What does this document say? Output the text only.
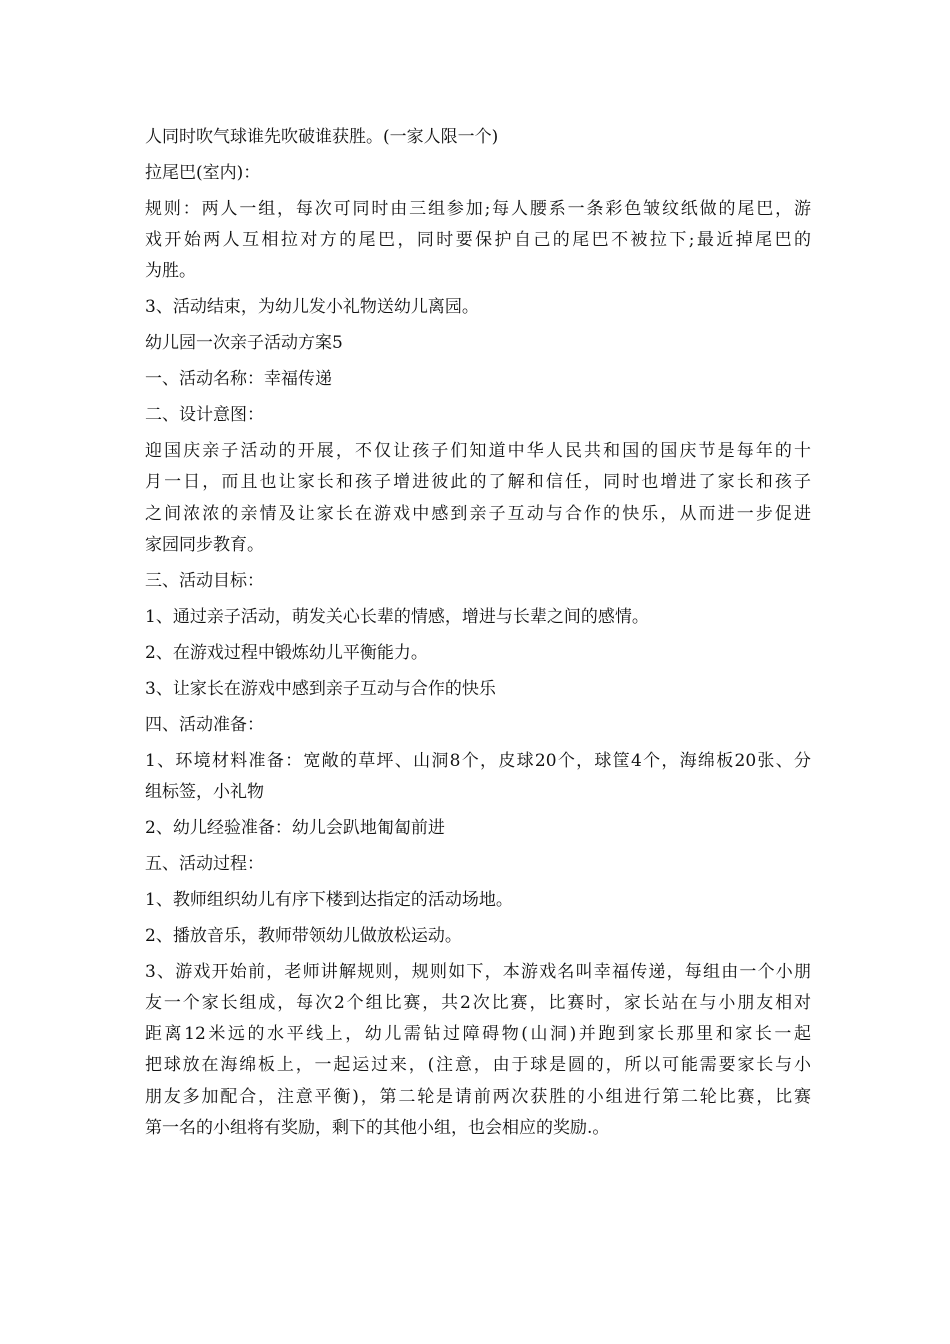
人同时吹气球谁先吹破谁获胜。(一家人限一个)
拉尾巴(室内)：
规则：两人一组，每次可同时由三组参加;每人腰系一条彩色皱纹纸做的尾巴，游
戏开始两人互相拉对方的尾巴，同时要保护自己的尾巴不被拉下;最近掉尾巴的
为胜。
3、活动结束，为幼儿发小礼物送幼儿离园。
幼儿园一次亲子活动方案5
一、活动名称：幸福传递
二、设计意图：
迎国庆亲子活动的开展，不仅让孩子们知道中华人民共和国的国庆节是每年的十
月一日，而且也让家长和孩子增进彼此的了解和信任，同时也增进了家长和孩子
之间浓浓的亲情及让家长在游戏中感到亲子互动与合作的快乐，从而进一步促进
家园同步教育。
三、活动目标：
1、通过亲子活动，萌发关心长辈的情感，增进与长辈之间的感情。
2、在游戏过程中锻炼幼儿平衡能力。
3、让家长在游戏中感到亲子互动与合作的快乐
四、活动准备：
1、环境材料准备：宽敞的草坪、山洞8个，皮球20个，球筐4个，海绵板20张、分
组标签，小礼物
2、幼儿经验准备：幼儿会趴地匍匐前进
五、活动过程：
1、教师组织幼儿有序下楼到达指定的活动场地。
2、播放音乐，教师带领幼儿做放松运动。
3、游戏开始前，老师讲解规则，规则如下，本游戏名叫幸福传递，每组由一个小朋
友一个家长组成，每次2个组比赛，共2次比赛，比赛时，家长站在与小朋友相对
距离12米远的水平线上，幼儿需钻过障碍物(山洞)并跑到家长那里和家长一起
把球放在海绵板上，一起运过来，(注意，由于球是圆的，所以可能需要家长与小
朋友多加配合，注意平衡)，第二轮是请前两次获胜的小组进行第二轮比赛，比赛
第一名的小组将有奖励，剩下的其他小组，也会相应的奖励.。
